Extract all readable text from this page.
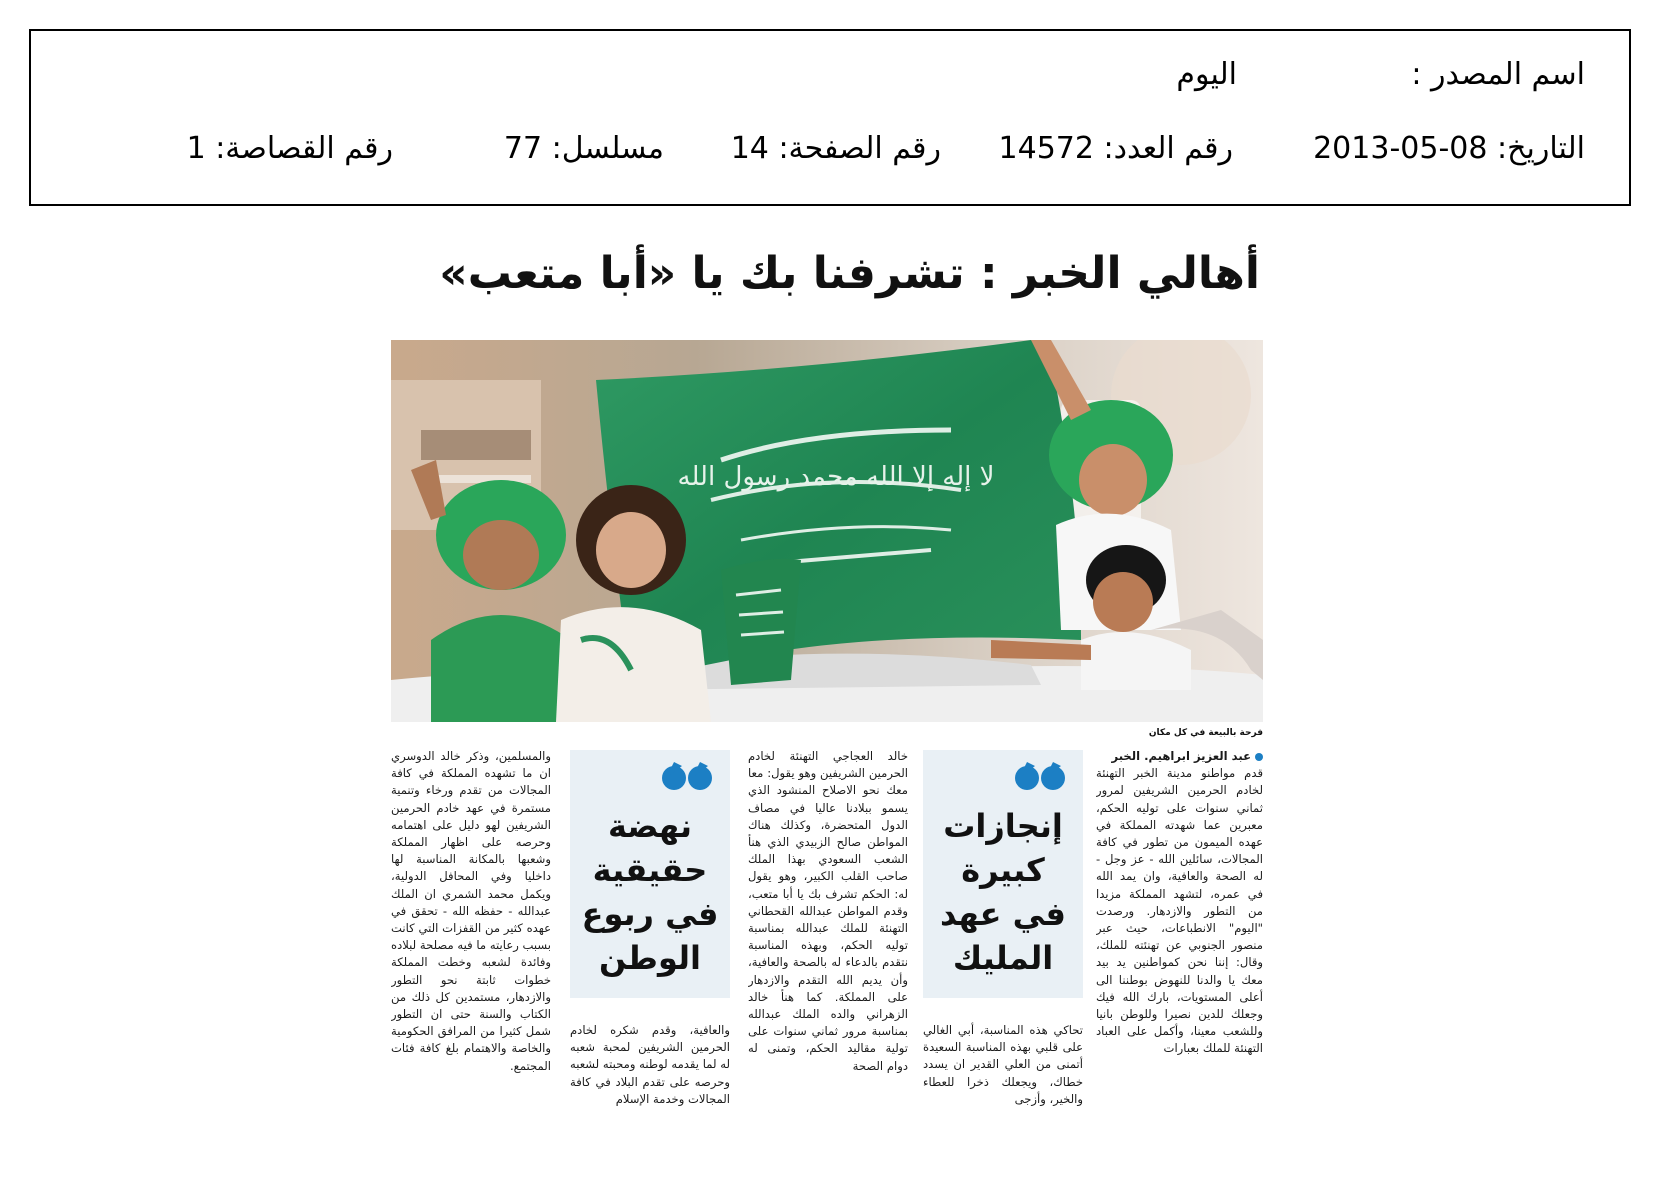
اسم المصدر :
اليوم
التاريخ: 08-05-2013
رقم العدد: 14572
رقم الصفحة: 14
مسلسل: 77
رقم القصاصة: 1
أهالي الخبر : تشرفنا بك يا «أبا متعب»
لا إله إلا الله محمد رسول الله
فرحة بالبيعة في كل مكان

عبد العزيز ابراهيم. الخبر

قدم مواطنو مدينة الخبر التهنئة لخادم الحرمين الشريفين لمرور ثماني سنوات على توليه الحكم، معبرين عما شهدته المملكة في عهده الميمون من تطور في كافة المجالات، سائلين الله - عز وجل - له الصحة والعافية، وان يمد الله في عمره، لتشهد المملكة مزيدا من التطور والازدهار. ورصدت "اليوم" الانطباعات، حيث عبر منصور الجنوبي عن تهنئته للملك، وقال: إننا نحن كمواطنين يد بيد معك يا والدنا للنهوض بوطننا الى أعلى المستويات، بارك الله فيك وجعلك للدين نصيرا وللوطن بانيا وللشعب معينا، وأكمل على العباد التهنئة للملك بعبارات

إنجازات
كبيرة
في عهد
المليك

تحاكي هذه المناسبة، أبي الغالي على قلبي بهذه المناسبة السعيدة أتمنى من العلي القدير ان يسدد خطاك، ويجعلك ذخرا للعطاء والخير، وأزجى

خالد العجاجي التهنئة لخادم الحرمين الشريفين وهو يقول: معا معك نحو الاصلاح المنشود الذي يسمو ببلادنا عاليا في مصاف الدول المتحضرة، وكذلك هناك المواطن صالح الزبيدي الذي هنأ الشعب السعودي بهذا الملك صاحب القلب الكبير، وهو يقول له: الحكم تشرف بك يا أبا متعب، وقدم المواطن عبدالله القحطاني التهنئة للملك عبدالله بمناسبة توليه الحكم، وبهذه المناسبة نتقدم بالدعاء له بالصحة والعافية، وأن يديم الله التقدم والازدهار على المملكة. كما هنأ خالد الزهراني والده الملك عبدالله بمناسبة مرور ثماني سنوات على تولية مقاليد الحكم، وتمنى له دوام الصحة

نهضة
حقيقية
في ربوع
الوطن

والعافية، وقدم شكره لخادم الحرمين الشريفين لمحبة شعبه له لما يقدمه لوطنه ومحبته لشعبه وحرصه على تقدم البلاد في كافة المجالات وخدمة الإسلام

والمسلمين، وذكر خالد الدوسري ان ما تشهده المملكة في كافة المجالات من تقدم ورخاء وتنمية مستمرة في عهد خادم الحرمين الشريفين لهو دليل على اهتمامه وحرصه على اظهار المملكة وشعبها بالمكانة المناسبة لها داخليا وفي المحافل الدولية، ويكمل محمد الشمري ان الملك عبدالله - حفظه الله - تحقق في عهده كثير من القفزات التي كانت بسبب رعايته ما فيه مصلحة لبلاده وفائدة لشعبه وخطت المملكة خطوات ثابتة نحو التطور والازدهار، مستمدين كل ذلك من الكتاب والسنة حتى ان التطور شمل كثيرا من المرافق الحكومية والخاصة والاهتمام بلغ كافة فئات المجتمع.
